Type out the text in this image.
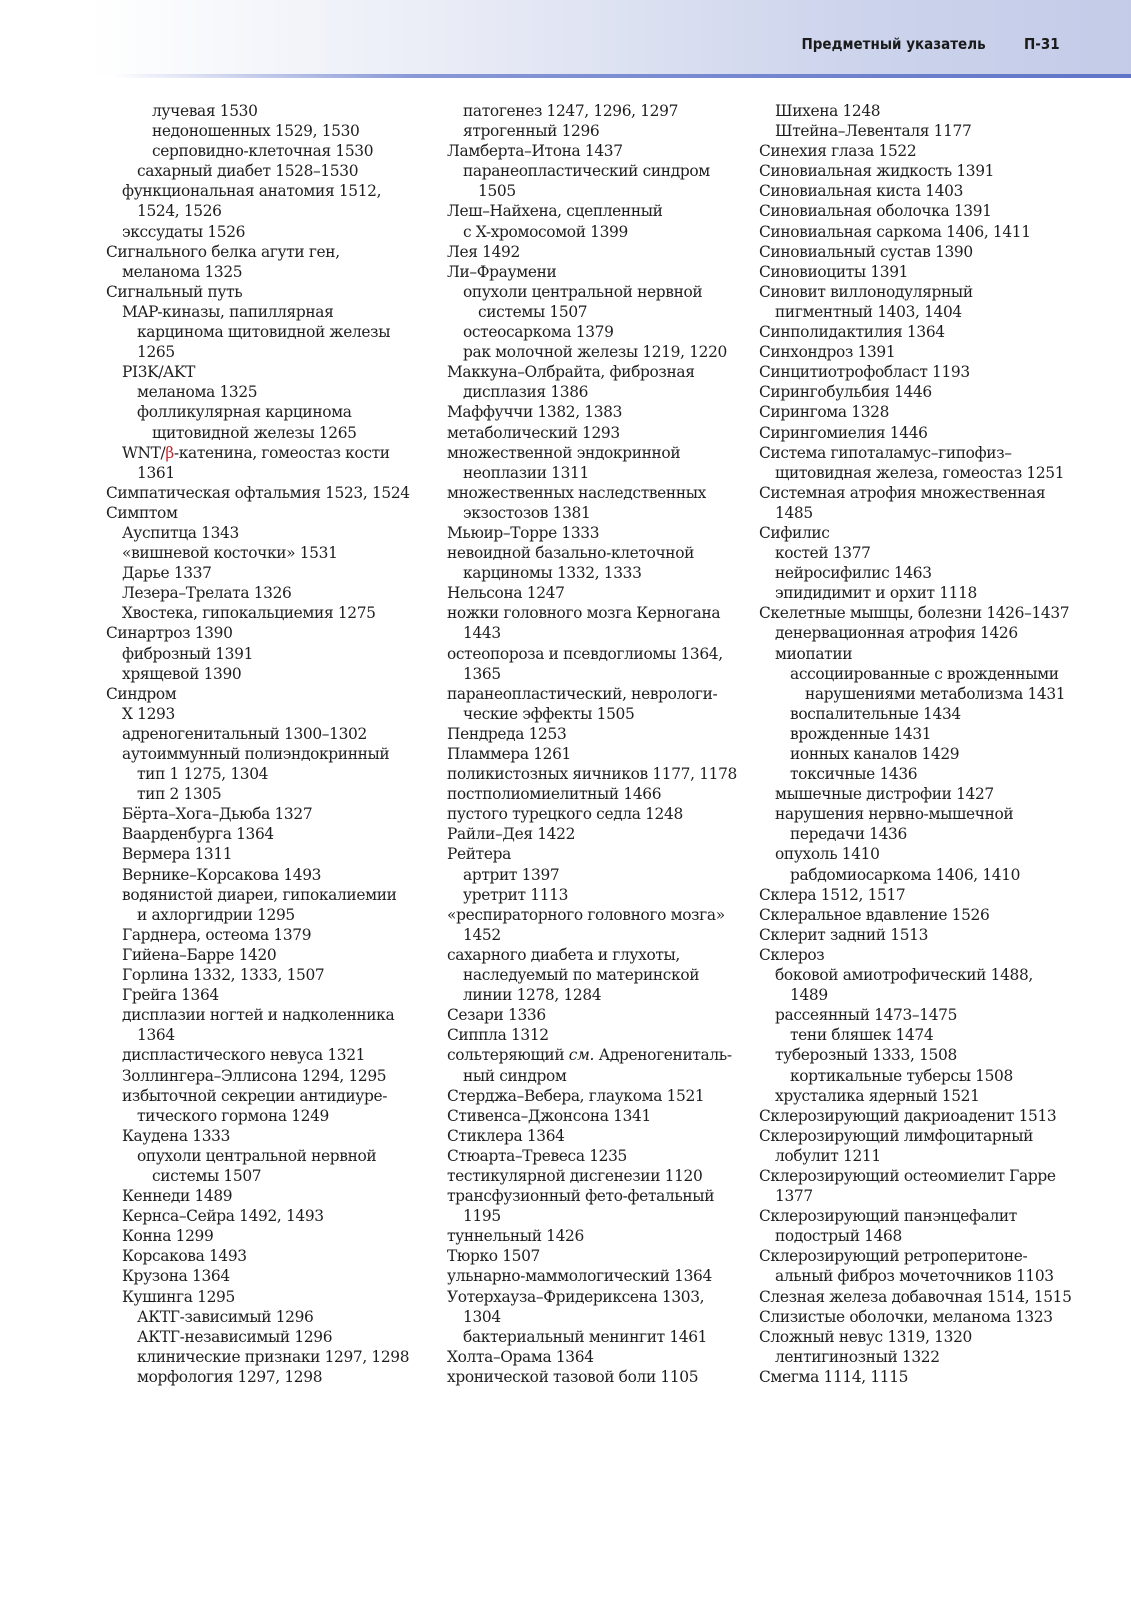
Предметный указатель	П-31
лучевая 1530
недоношенных 1529, 1530
серповидно-клеточная 1530
сахарный диабет 1528–1530
функциональная анатомия 1512,
1524, 1526
экссудаты 1526
Сигнального белка агути ген,
меланома 1325
Сигнальный путь
MAP-киназы, папиллярная
карцинома щитовидной железы
1265
PI3K/AKT
меланома 1325
фолликулярная карцинома
щитовидной железы 1265
WNT/β-катенина, гомеостаз кости
1361
Симпатическая офтальмия 1523, 1524
Симптом
Ауспитца 1343
«вишневой косточки» 1531
Дарье 1337
Лезера–Трелата 1326
Хвостека, гипокальциемия 1275
Синартроз 1390
фиброзный 1391
хрящевой 1390
Синдром
X 1293
адреногенитальный 1300–1302
аутоиммунный полиэндокринный
тип 1 1275, 1304
тип 2 1305
Бёрта–Хога–Дьюба 1327
Ваарденбурга 1364
Вермера 1311
Вернике–Корсакова 1493
водянистой диареи, гипокалиемии
и ахлоргидрии 1295
Гарднера, остеома 1379
Гийена–Барре 1420
Горлина 1332, 1333, 1507
Грейга 1364
дисплазии ногтей и надколенника
1364
диспластического невуса 1321
Золлингера–Эллисона 1294, 1295
избыточной секреции антидиуре-
тического гормона 1249
Каудена 1333
опухоли центральной нервной
системы 1507
Кеннеди 1489
Кернса–Сейра 1492, 1493
Конна 1299
Корсакова 1493
Крузона 1364
Кушинга 1295
АКТГ-зависимый 1296
АКТГ-независимый 1296
клинические признаки 1297, 1298
морфология 1297, 1298
патогенез 1247, 1296, 1297
ятрогенный 1296
Ламберта–Итона 1437
паранеопластический синдром
1505
Леш–Найхена, сцепленный
с X-хромосомой 1399
Лея 1492
Ли–Фраумени
опухоли центральной нервной
системы 1507
остеосаркома 1379
рак молочной железы 1219, 1220
Маккуна–Олбрайта, фиброзная
дисплазия 1386
Маффуччи 1382, 1383
метаболический 1293
множественной эндокринной
неоплазии 1311
множественных наследственных
экзостозов 1381
Мьюир–Торре 1333
невоидной базально-клеточной
карциномы 1332, 1333
Нельсона 1247
ножки головного мозга Керногана
1443
остеопороза и псевдоглиомы 1364,
1365
паранеопластический, неврологи-
ческие эффекты 1505
Пендреда 1253
Пламмера 1261
поликистозных яичников 1177, 1178
постполиомиелитный 1466
пустого турецкого седла 1248
Райли–Дея 1422
Рейтера
артрит 1397
уретрит 1113
«респираторного головного мозга»
1452
сахарного диабета и глухоты,
наследуемый по материнской
линии 1278, 1284
Сезари 1336
Сиппла 1312
сольтеряющий см. Адреногениталь-
ный синдром
Стерджа–Вебера, глаукома 1521
Стивенса–Джонсона 1341
Стиклера 1364
Стюарта–Тревеса 1235
тестикулярной дисгенезии 1120
трансфузионный фето-фетальный
1195
туннельный 1426
Тюрко 1507
ульнарно-маммологический 1364
Уотерхауза–Фридериксена 1303,
1304
бактериальный менингит 1461
Холта–Орама 1364
хронической тазовой боли 1105
Шихена 1248
Штейна–Левенталя 1177
Синехия глаза 1522
Синовиальная жидкость 1391
Синовиальная киста 1403
Синовиальная оболочка 1391
Синовиальная саркома 1406, 1411
Синовиальный сустав 1390
Синовиоциты 1391
Синовит виллонодулярный
пигментный 1403, 1404
Синполидактилия 1364
Синхондроз 1391
Синцитиотрофобласт 1193
Сирингобульбия 1446
Сирингома 1328
Сирингомиелия 1446
Система гипоталамус–гипофиз–
щитовидная железа, гомеостаз 1251
Системная атрофия множественная
1485
Сифилис
костей 1377
нейросифилис 1463
эпидидимит и орхит 1118
Скелетные мышцы, болезни 1426–1437
денервационная атрофия 1426
миопатии
ассоциированные с врожденными
нарушениями метаболизма 1431
воспалительные 1434
врожденные 1431
ионных каналов 1429
токсичные 1436
мышечные дистрофии 1427
нарушения нервно-мышечной
передачи 1436
опухоль 1410
рабдомиосаркома 1406, 1410
Склера 1512, 1517
Склеральное вдавление 1526
Склерит задний 1513
Склероз
боковой амиотрофический 1488,
1489
рассеянный 1473–1475
тени бляшек 1474
туберозный 1333, 1508
кортикальные туберсы 1508
хрусталика ядерный 1521
Склерозирующий дакриоаденит 1513
Склерозирующий лимфоцитарный
лобулит 1211
Склерозирующий остеомиелит Гарре
1377
Склерозирующий панэнцефалит
подострый 1468
Склерозирующий ретроперитоне-
альный фиброз мочеточников 1103
Слезная железа добавочная 1514, 1515
Слизистые оболочки, меланома 1323
Сложный невус 1319, 1320
лентигинозный 1322
Смегма 1114, 1115
